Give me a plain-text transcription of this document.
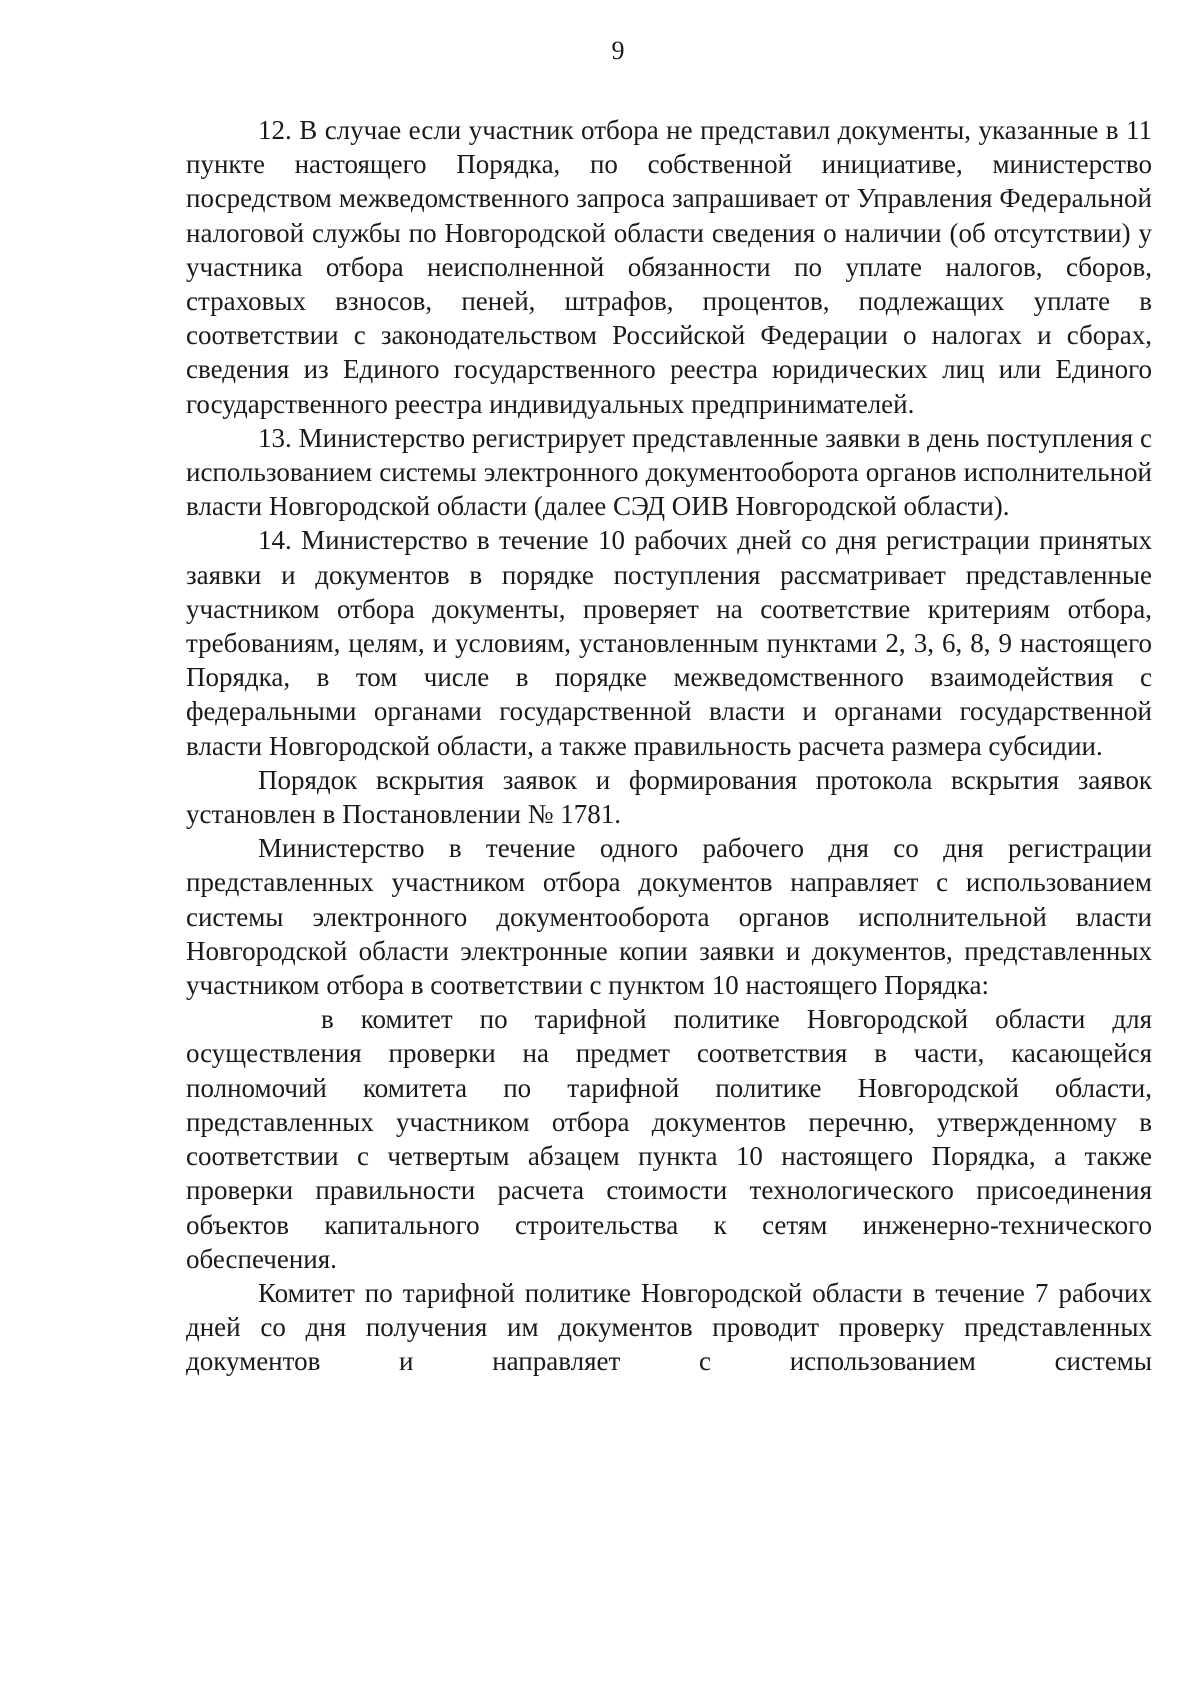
9

12. В случае если участник отбора не представил документы, указанные в 11 пункте настоящего Порядка, по собственной инициативе, министерство посредством межведомственного запроса запрашивает от Управления Федеральной налоговой службы по Новгородской области сведения о наличии (об отсутствии) у участника отбора неисполненной обязанности по уплате налогов, сборов, страховых взносов, пеней, штрафов, процентов, подлежащих уплате в соответствии с законодательством Российской Федерации о налогах и сборах, сведения из Единого государственного реестра юридических лиц или Единого государственного реестра индивидуальных предпринимателей.

13. Министерство регистрирует представленные заявки в день поступления с использованием системы электронного документооборота органов исполнительной власти Новгородской области (далее СЭД ОИВ Новгородской области).

14. Министерство в течение 10 рабочих дней со дня регистрации принятых заявки и документов в порядке поступления рассматривает представленные участником отбора документы, проверяет на соответствие критериям отбора, требованиям, целям, и условиям, установленным пунктами 2, 3, 6, 8, 9 настоящего Порядка, в том числе в порядке межведомственного взаимодействия с федеральными органами государственной власти и органами государственной власти Новгородской области, а также правильность расчета размера субсидии.

Порядок вскрытия заявок и формирования протокола вскрытия заявок установлен в Постановлении № 1781.

Министерство в течение одного рабочего дня со дня регистрации представленных участником отбора документов направляет с использованием системы электронного документооборота органов исполнительной власти Новгородской области электронные копии заявки и документов, представленных участником отбора в соответствии с пунктом 10 настоящего Порядка:

в комитет по тарифной политике Новгородской области для осуществления проверки на предмет соответствия в части, касающейся полномочий комитета по тарифной политике Новгородской области, представленных участником отбора документов перечню, утвержденному в соответствии с четвертым абзацем пункта 10 настоящего Порядка, а также проверки правильности расчета стоимости технологического присоединения объектов капитального строительства к сетям инженерно-технического обеспечения.

Комитет по тарифной политике Новгородской области в течение 7 рабочих дней со дня получения им документов проводит проверку представленных документов и направляет с использованием системы
